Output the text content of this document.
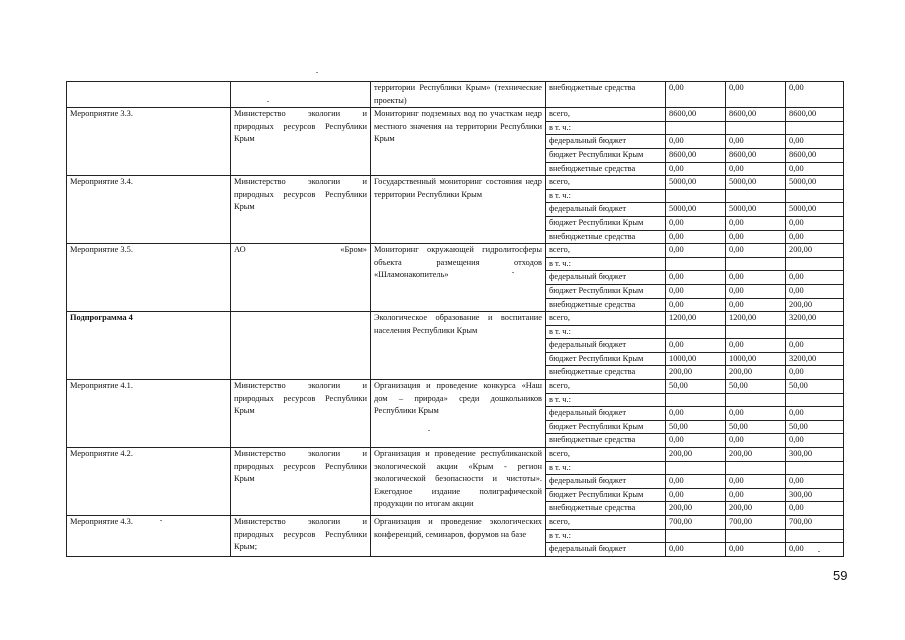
		территории Республики Крым» (технические проекты)	внебюджетные средства	0,00	0,00	0,00
Мероприятие 3.3.	Министерство экологии и природных ресурсов Республики Крым	Мониторинг подземных вод по участкам недр местного значения на территории Республики Крым	всего,	8600,00	8600,00	8600,00
			в т. ч.:			
			федеральный бюджет	0,00	0,00	0,00
			бюджет Республики Крым	8600,00	8600,00	8600,00
			внебюджетные средства	0,00	0,00	0,00
Мероприятие 3.4.	Министерство экологии и природных ресурсов Республики Крым	Государственный мониторинг состояния недр территории Республики Крым	всего,	5000,00	5000,00	5000,00
			в т. ч.:			
			федеральный бюджет	5000,00	5000,00	5000,00
			бюджет Республики Крым	0,00	0,00	0,00
			внебюджетные средства	0,00	0,00	0,00
Мероприятие 3.5.	АО «Бром»	Мониторинг окружающей гидролитосферы объекта размещения отходов «Шламонакопитель»	всего,	0,00	0,00	200,00
			в т. ч.:			
			федеральный бюджет	0,00	0,00	0,00
			бюджет Республики Крым	0,00	0,00	0,00
			внебюджетные средства	0,00	0,00	200,00
Подпрограмма 4		Экологическое образование и воспитание населения Республики Крым	всего,	1200,00	1200,00	3200,00
			в т. ч.:			
			федеральный бюджет	0,00	0,00	0,00
			бюджет Республики Крым	1000,00	1000,00	3200,00
			внебюджетные средства	200,00	200,00	0,00
Мероприятие 4.1.	Министерство экологии и природных ресурсов Республики Крым	Организация и проведение конкурса «Наш дом – природа» среди дошкольников Республики Крым	всего,	50,00	50,00	50,00
			в т. ч.:			
			федеральный бюджет	0,00	0,00	0,00
			бюджет Республики Крым	50,00	50,00	50,00
			внебюджетные средства	0,00	0,00	0,00
Мероприятие 4.2.	Министерство экологии и природных ресурсов Республики Крым	Организация и проведение республиканской экологической акции «Крым - регион экологической безопасности и чистоты». Ежегодное издание полиграфической продукции по итогам акции	всего,	200,00	200,00	300,00
			в т. ч.:			
			федеральный бюджет	0,00	0,00	0,00
			бюджет Республики Крым	0,00	0,00	300,00
			внебюджетные средства	200,00	200,00	0,00
Мероприятие 4.3.	Министерство экологии и природных ресурсов Республики Крым;	Организация и проведение экологических конференций, семинаров, форумов на базе	всего,	700,00	700,00	700,00
			в т. ч.:			
			федеральный бюджет	0,00	0,00	0,00
59
